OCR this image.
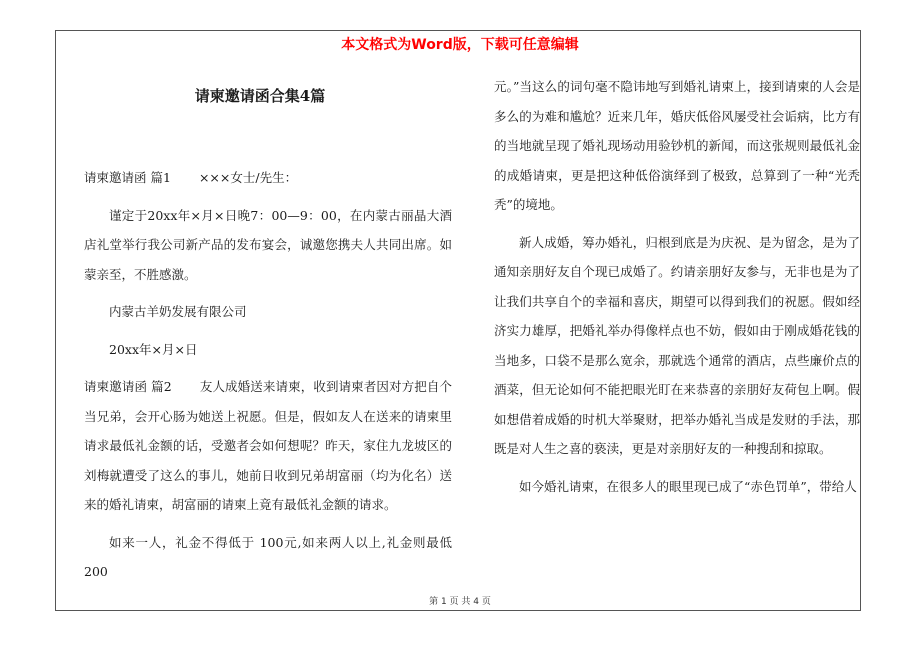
本文格式为Word版，下载可任意编辑
请柬邀请函合集4篇

请柬邀请函 篇1 ×××女士/先生：

谨定于20xx年×月×日晚7：00—9：00，在内蒙古丽晶大酒店礼堂举行我公司新产品的发布宴会，诚邀您携夫人共同出席。如蒙亲至，不胜感激。

内蒙古羊奶发展有限公司

20xx年×月×日

请柬邀请函 篇2 友人成婚送来请柬，收到请柬者因对方把自个当兄弟，会开心肠为她送上祝愿。但是，假如友人在送来的请柬里请求最低礼金额的话，受邀者会如何想呢？昨天，家住九龙坡区的刘梅就遭受了这么的事儿，她前日收到兄弟胡富丽（均为化名）送来的婚礼请柬，胡富丽的请柬上竟有最低礼金额的请求。

如来一人，礼金不得低于 100元,如来两人以上,礼金则最低 200

元。”当这么的词句毫不隐讳地写到婚礼请柬上，接到请柬的人会是多么的为难和尴尬？近来几年，婚庆低俗风屡受社会诟病，比方有的当地就呈现了婚礼现场动用验钞机的新闻，而这张规则最低礼金的成婚请柬，更是把这种低俗演绎到了极致，总算到了一种“光秃秃”的境地。

新人成婚，筹办婚礼，归根到底是为庆祝、是为留念，是为了通知亲朋好友自个现已成婚了。约请亲朋好友参与，无非也是为了让我们共享自个的幸福和喜庆，期望可以得到我们的祝愿。假如经济实力雄厚，把婚礼举办得像样点也不妨，假如由于刚成婚花钱的当地多，口袋不是那么宽余，那就选个通常的酒店，点些廉价点的酒菜，但无论如何不能把眼光盯在来恭喜的亲朋好友荷包上啊。假如想借着成婚的时机大举聚财，把举办婚礼当成是发财的手法，那既是对人生之喜的亵渎，更是对亲朋好友的一种搜刮和掠取。

如今婚礼请柬，在很多人的眼里现已成了“赤色罚单”，带给人

第 1 页 共 4 页
